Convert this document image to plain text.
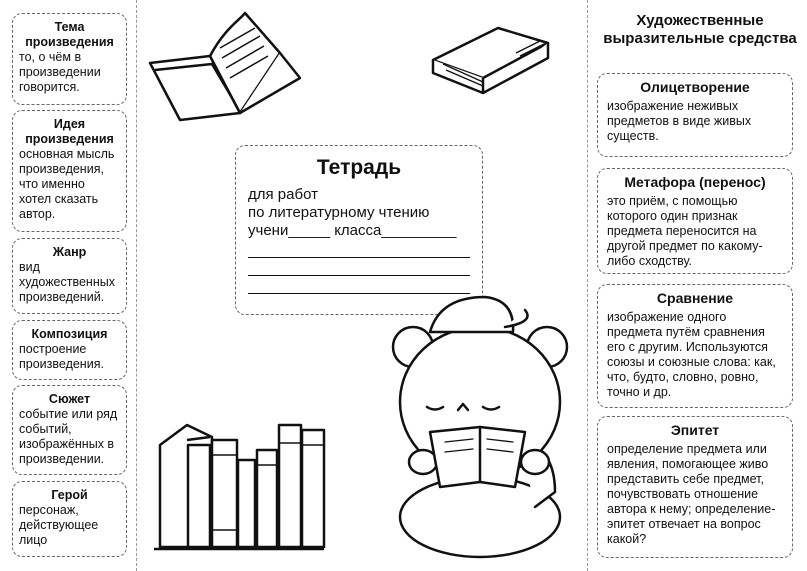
Тема произведения
то, о чём в произведении говорится.
Идея произведения
основная мысль произведения, что именно хотел сказать автор.
Жанр
вид художественных произведений.
Композиция
построение произведения.
Сюжет
событие или ряд событий, изображённых в произведении.
Герой
персонаж, действующее лицо
Тетрадь
для работ
по литературному чтению
учени_____ класса_________
Художественные выразительные средства
Олицетворение
изображение неживых предметов в виде живых существ.
Метафора (перенос)
это приём, с помощью которого один признак предмета переносится на другой предмет по какому-либо сходству.
Сравнение
изображение одного предмета путём сравнения его с другим. Используются союзы и союзные слова: как, что, будто, словно, ровно, точно и др.
Эпитет
определение предмета или явления, помогающее живо представить себе предмет, почувствовать отношение автора к нему; определение-эпитет отвечает на вопрос какой?
